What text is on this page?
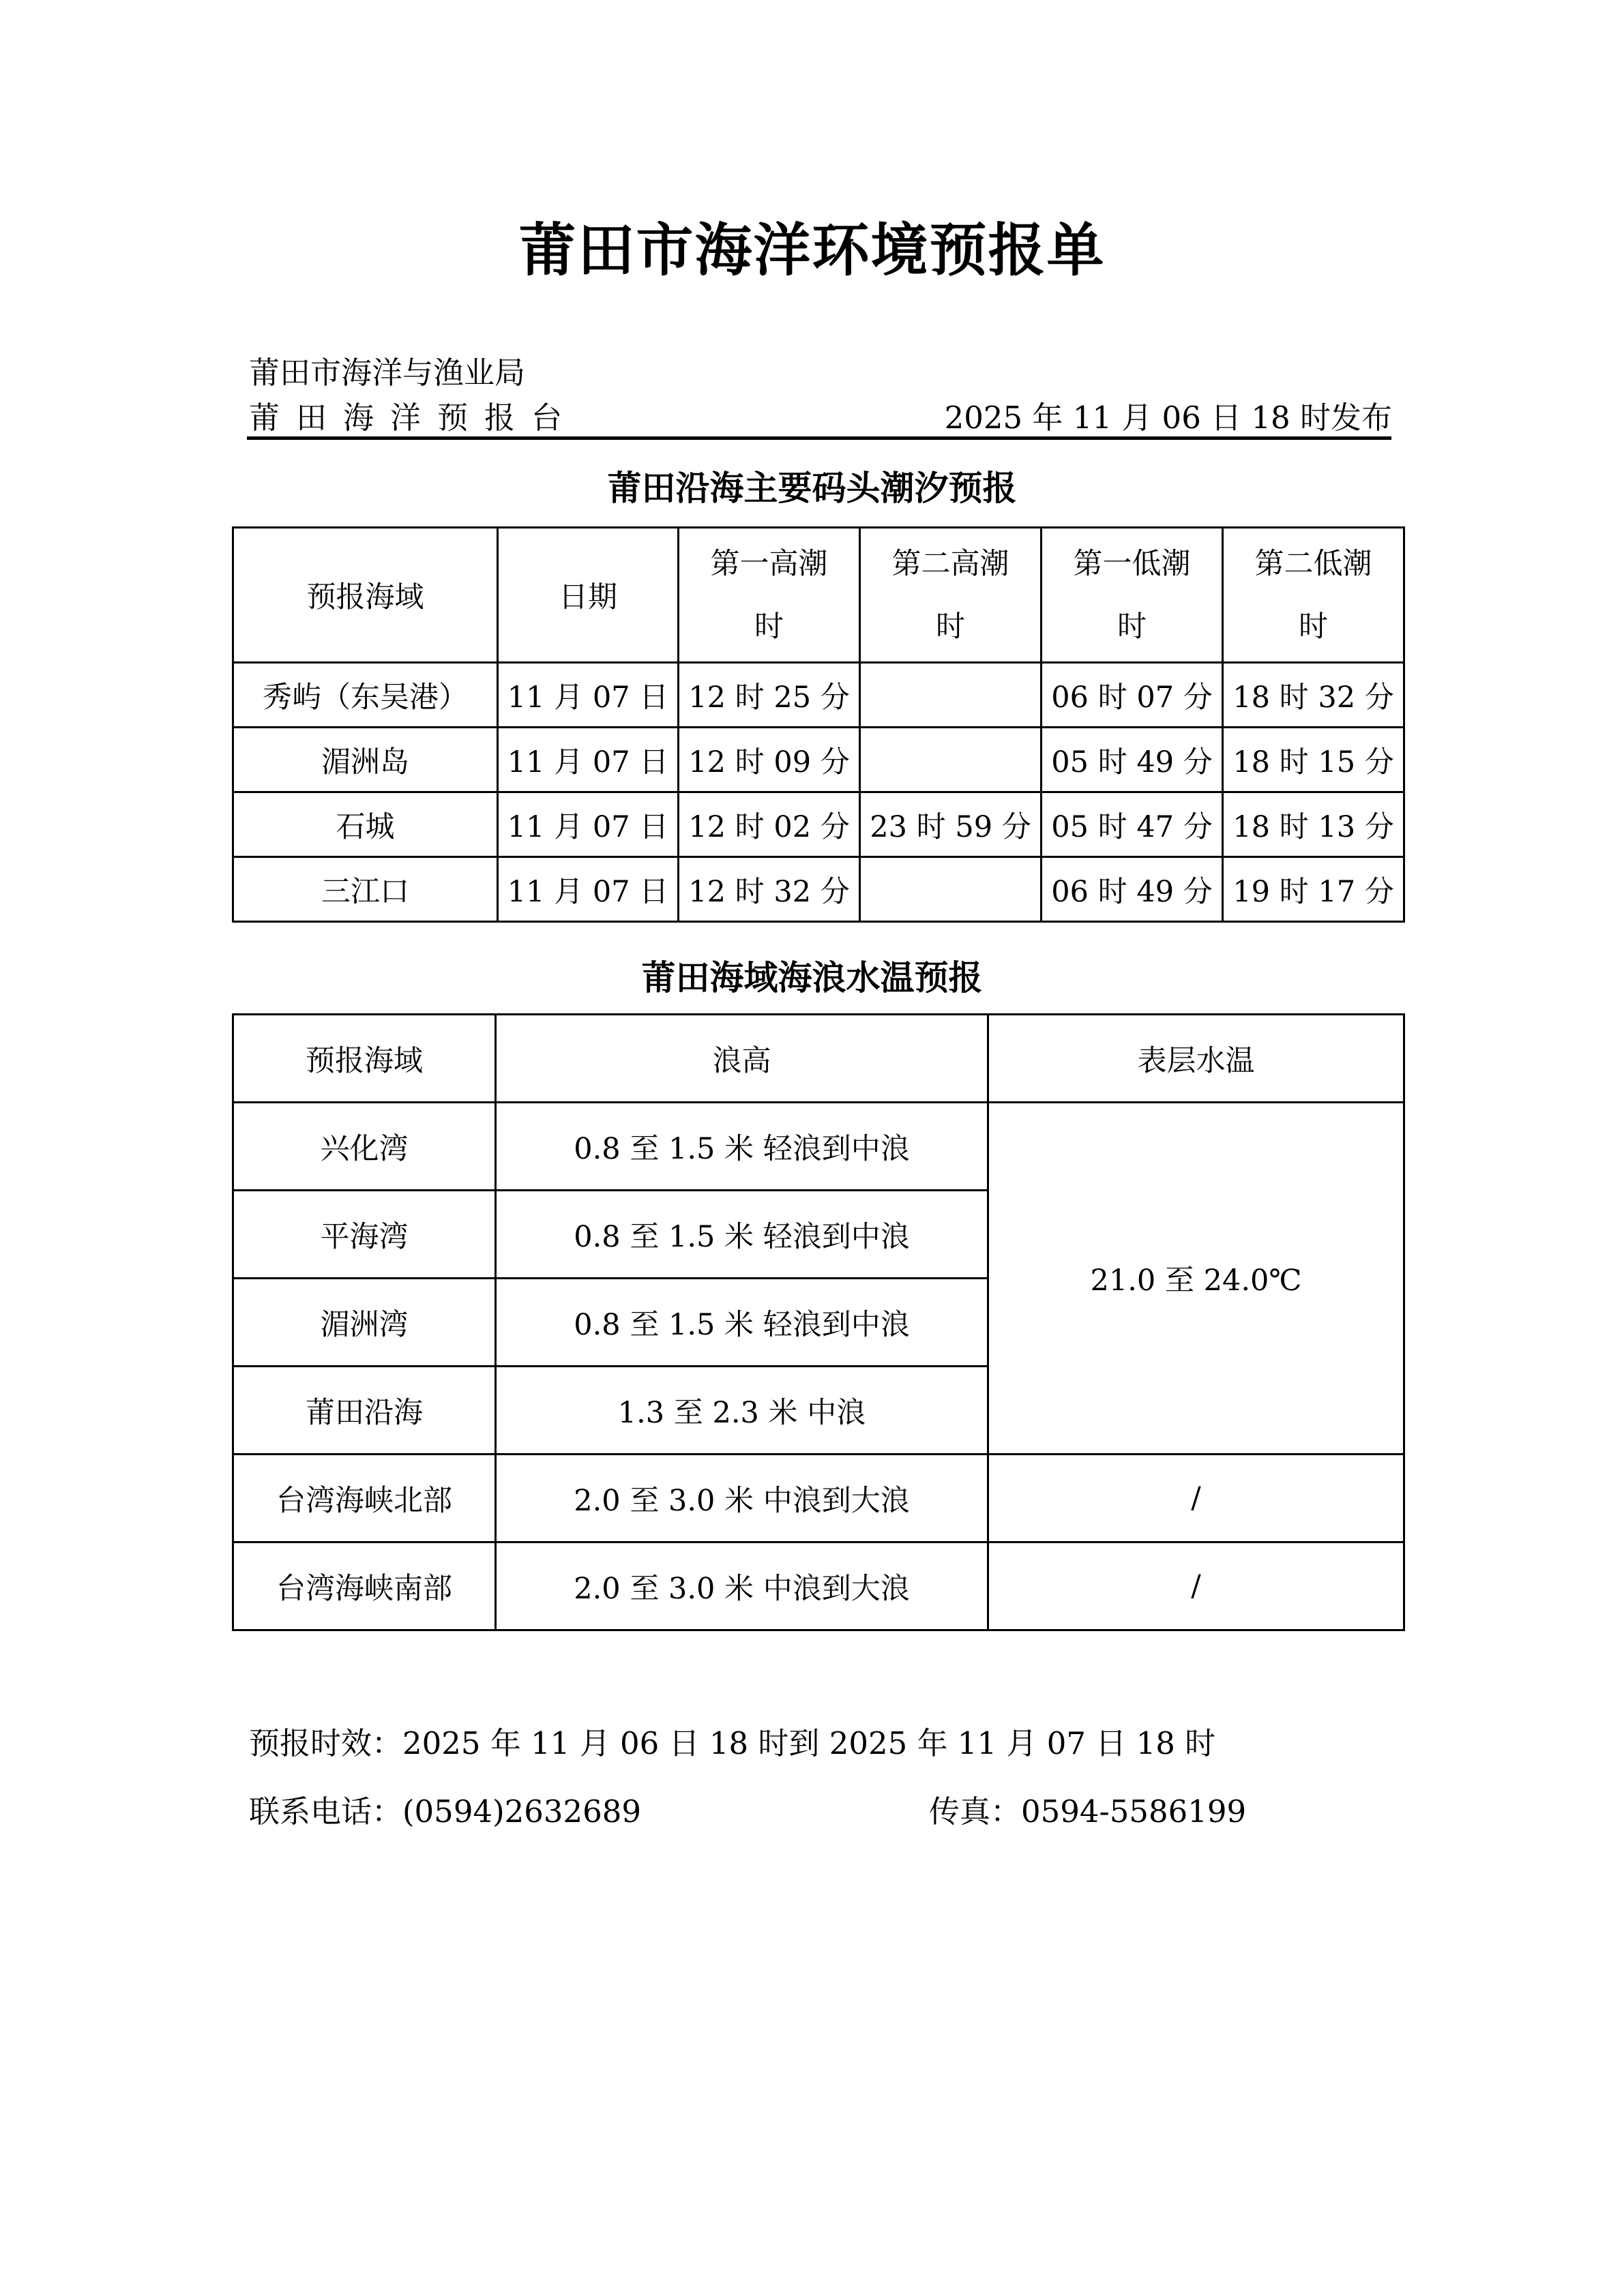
莆田市海洋环境预报单
莆田市海洋与渔业局
莆田海洋预报台	2025 年 11 月 06 日 18 时发布
莆田沿海主要码头潮汐预报
预报海域	日期	第一高潮时	第二高潮时	第一低潮时	第二低潮时
秀屿（东吴港）	11 月 07 日	12 时 25 分		06 时 07 分	18 时 32 分
湄洲岛	11 月 07 日	12 时 09 分		05 时 49 分	18 时 15 分
石城	11 月 07 日	12 时 02 分	23 时 59 分	05 时 47 分	18 时 13 分
三江口	11 月 07 日	12 时 32 分		06 时 49 分	19 时 17 分
莆田海域海浪水温预报
预报海域	浪高	表层水温
兴化湾	0.8 至 1.5 米 轻浪到中浪	21.0 至 24.0℃
平海湾	0.8 至 1.5 米 轻浪到中浪	
湄洲湾	0.8 至 1.5 米 轻浪到中浪	
莆田沿海	1.3 至 2.3 米 中浪	
台湾海峡北部	2.0 至 3.0 米 中浪到大浪	/
台湾海峡南部	2.0 至 3.0 米 中浪到大浪	/
预报时效：2025 年 11 月 06 日 18 时到 2025 年 11 月 07 日 18 时
联系电话：(0594)2632689	传真：0594-5586199
